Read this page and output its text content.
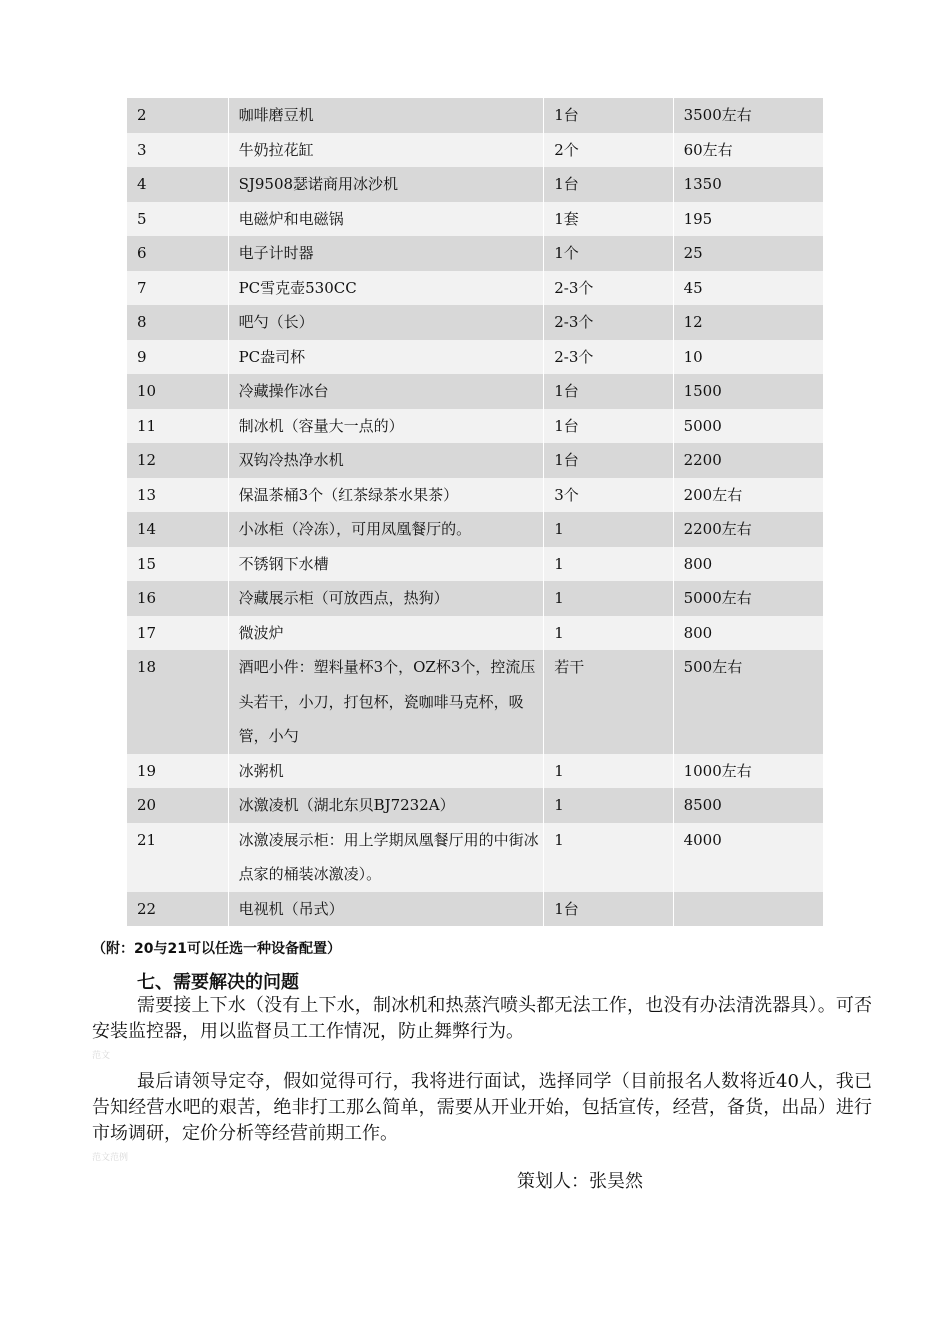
2	咖啡磨豆机	1台	3500左右
3	牛奶拉花缸	2个	60左右
4	SJ9508瑟诺商用冰沙机	1台	1350
5	电磁炉和电磁锅	1套	195
6	电子计时器	1个	25
7	PC雪克壶530CC	2-3个	45
8	吧勺（长）	2-3个	12
9	PC盎司杯	2-3个	10
10	冷藏操作冰台	1台	1500
11	制冰机（容量大一点的）	1台	5000
12	双钩冷热净水机	1台	2200
13	保温茶桶3个（红茶绿茶水果茶）	3个	200左右
14	小冰柜（冷冻），可用凤凰餐厅的。	1	2200左右
15	不锈钢下水槽	1	800
16	冷藏展示柜（可放西点，热狗）	1	5000左右
17	微波炉	1	800
18	酒吧小件：塑料量杯3个，OZ杯3个，控流压头若干，小刀，打包杯，瓷咖啡马克杯，吸管，小勺	若干	500左右
19	冰粥机	1	1000左右
20	冰激凌机（湖北东贝BJ7232A）	1	8500
21	冰激凌展示柜：用上学期凤凰餐厅用的中街冰点家的桶装冰激凌）。	1	4000
22	电视机（吊式）	1台	
（附：20与21可以任选一种设备配置）
七、需要解决的问题
需要接上下水（没有上下水，制冰机和热蒸汽喷头都无法工作，也没有办法清洗器具）。可否安装监控器，用以监督员工工作情况，防止舞弊行为。
范文
最后请领导定夺，假如觉得可行，我将进行面试，选择同学（目前报名人数将近40人，我已告知经营水吧的艰苦，绝非打工那么简单，需要从开业开始，包括宣传，经营，备货，出品）进行市场调研，定价分析等经营前期工作。
范文范例
策划人：张昊然
